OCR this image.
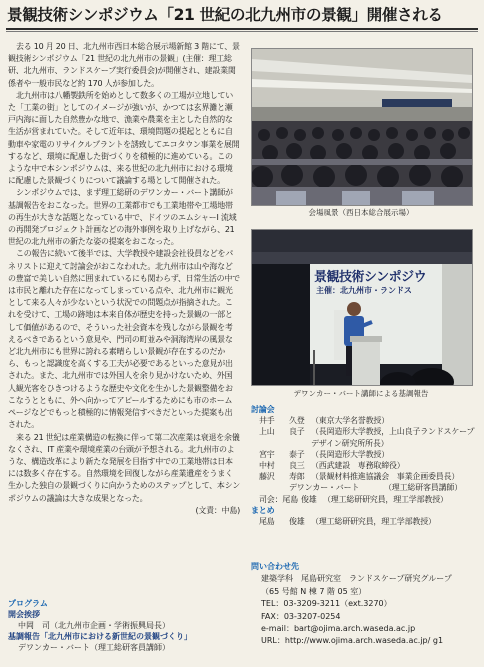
景観技術シンポジウム「21 世紀の北九州市の景観」開催される

去る 10 月 20 日、北九州市西日本総合展示場新館 3 階にて、景観技術シンポジウム「21 世紀の北九州市の景観」(主催：理工総研、北九州市、ランドスケープ実行委員会)が開催され、建設業関係者や一般市民など約 170 人が参加した。

北九州市は八幡製鉄所を始めとして数多くの工場が立地していた「工業の街」としてのイメージが強いが、かつては玄界灘と瀬戸内海に面した自然豊かな地で、漁業や農業を主とした自然的な生活が営まれていた。そして近年は、環境問題の提起とともに自動車や家電のリサイクルプラントを誘致してエコタウン事業を展開するなど、環境に配慮した街づくりを積極的に進めている。このような中で本シンポジウムは、来る世紀の北九州市における環境に配慮した景観づくりについて議論する場として開催された。

シンポジウムでは、まず理工総研のデワンカー・バート講師が基調報告をおこなった。世界の工業都市でも工業地帯や工場地帯の再生が大きな話題となっている中で、ドイツのエムシャーI 流域の再開発プロジェクト計画などの海外事例を取り上げながら、21 世紀の北九州市の新たな姿の提案をおこなった。

この報告に続いて後半では、大学教授や建設会社役員などをパネリストに迎えて討論会がおこなわれた。北九州市は山や海などの豊富で美しい自然に囲まれているにも関わらず、日常生活の中では市民と離れた存在になってしまっている点や、北九州市に観光として来る人々が少ないという状況での問題点が指摘された。これを受けて、工場の跡地は本来自体が歴史を持った景観の一部として価値があるので、そういった社会資本を残しながら景観を考えるべきであるという意見や、門司の町並みや洞海湾岸の風景など北九州市にも世界に誇れる素晴らしい景観が存在するのだから、もっと認識度を高くする工夫が必要であるといった意見が出された。また、北九州市では外国人を余り見かけないため、外国人観光客をひきつけるような歴史や文化を生かした景観整備をおこなうとともに、外へ向かってアピールするためにも市のホームページなどでもっと積極的に情報発信すべきだといった提案も出された。

来る 21 世紀は産業構造の転換に伴って第二次産業は衰退を余儀なくされ、IT 産業や環境産業の台頭が予想される。北九州市のような、構造改革により新たな発展を目指す中での工業地帯は日本には数多く存在する。自然環境を回復しながら産業遺産をうまく生かした独自の景観づくりに向かうためのステップとして、本シンポジウムの議論は大きな成果となった。

(文責：中島)

プログラム
開会挨拶
中岡　司（北九州市企画・学術振興局長）
基調報告「北九州市における新世紀の景観づくり」
デワンカー・バート（理工総研客員講師）
会場風景（西日本総合展示場）
景観技術シンポジウ
主催：北九州市・ランドス
デワンカー・バート講師による基調報告
討論会
井手	久登 （東京大学名誉教授）
上山	良子 （長岡造形大学教授，上山良子ランドスケープデザイン研究所所長）
宮宇	泰子 （長岡造形大学教授）
中村	良三 （西武建設　専務取締役）
藤沢	寿郎 （景観材料推進協議会　事業企画委員長）
デワンカー・バート	（理工総研客員講師）
司会：尾島 俊雄 （理工総研研究員，理工学部教授）
まとめ
尾島	俊雄 （理工総研研究員，理工学部教授）
問い合わせ先
建築学科　尾島研究室　ランドスケープ研究グループ
（65 号館 N 棟 7 階 05 室）
TEL：03-3209-3211（ext.3270）
FAX：03-3207-0254
e-mail：bart@ojima.arch.waseda.ac.jp
URL：http://www.ojima.arch.waseda.ac.jp/ g1
